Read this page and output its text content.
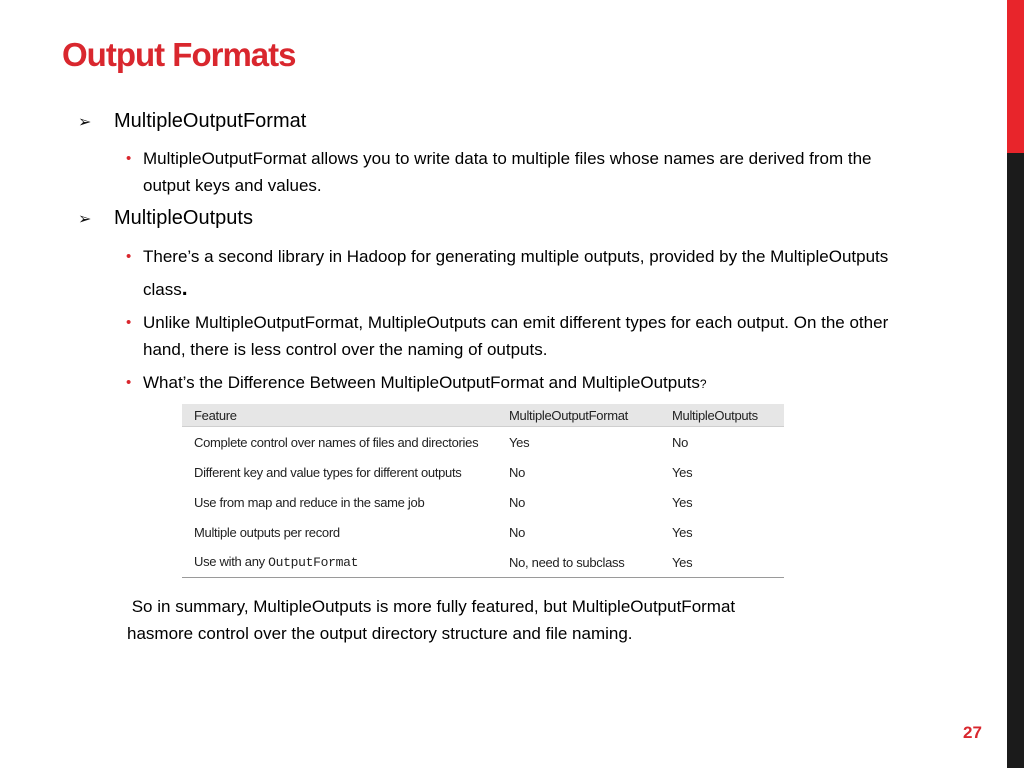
Output Formats
➢	MultipleOutputFormat
• MultipleOutputFormat allows you to write data to multiple files whose names are derived from the output keys and values.
➢	MultipleOutputs
• There’s a second library in Hadoop for generating multiple outputs, provided by the MultipleOutputs class.
• Unlike MultipleOutputFormat, MultipleOutputs can emit different types for each output. On the other hand, there is less control over the naming of outputs.
• What’s the Difference Between MultipleOutputFormat and MultipleOutputs?
Feature	MultipleOutputFormat	MultipleOutputs
Complete control over names of files and directories	Yes	No
Different key and value types for different outputs	No	Yes
Use from map and reduce in the same job	No	Yes
Multiple outputs per record	No	Yes
Use with any OutputFormat	No, need to subclass	Yes
So in summary, MultipleOutputs is more fully featured, but MultipleOutputFormat
hasmore control over the output directory structure and file naming.
27
